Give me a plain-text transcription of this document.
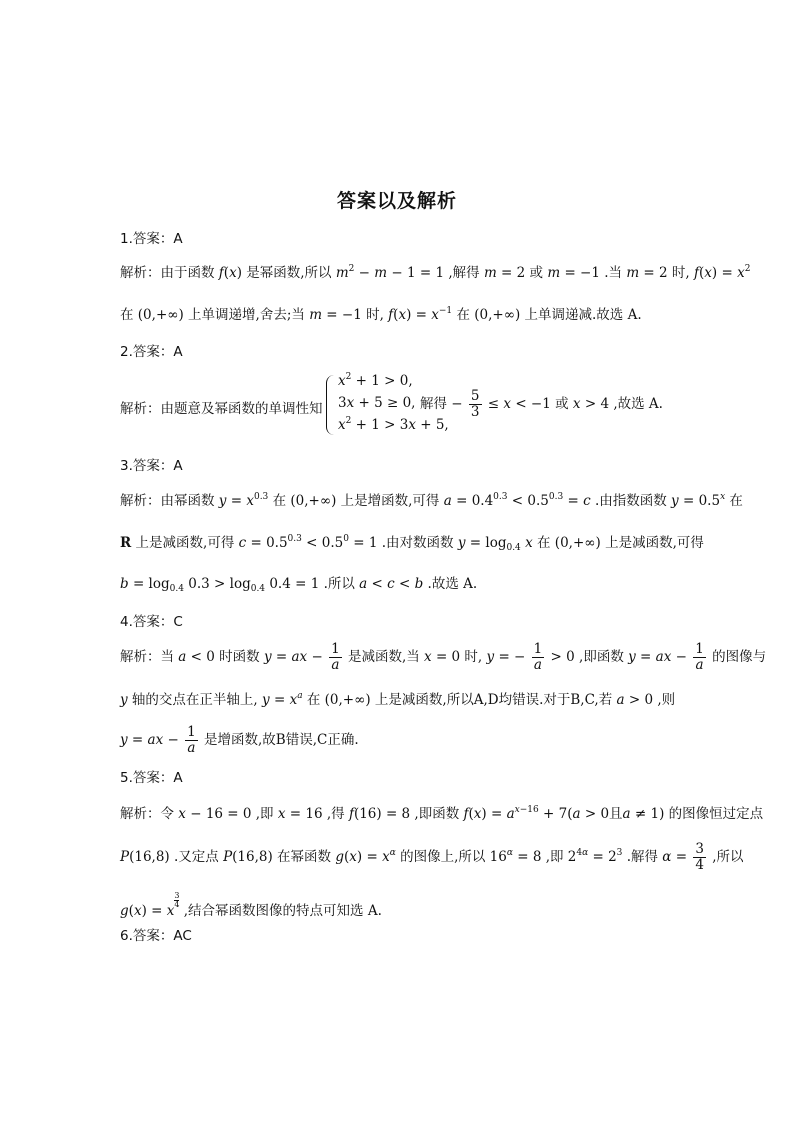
答案以及解析
1.答案：A
解析：由于函数 f(x) 是幂函数,所以 $m^2 - m - 1 = 1$ ,解得 m = 2 或 m = −1 .当 m = 2 时, $f(x) = x^2$
在 (0,+∞) 上单调递增,舍去;当 m = −1 时, $f(x) = x^{-1}$ 在 (0,+∞) 上单调递减.故选 A.
2.答案：A
解析：由题意及幂函数的单调性知
$x^2 + 1 > 0$,
3x + 5 ≥ 0,
$x^2 + 1 > 3x + 5$,
解得 − $\frac{5}{3} \le x < -1$ 或 x > 4 ,故选 A.
3.答案：A
解析：由幂函数 $y = x^{0.3}$ 在 (0,+∞) 上是增函数,可得 $a = 0.4^{0.3} < 0.5^{0.3} = c$ .由指数函数 $y = 0.5^x$ 在
R 上是减函数,可得 $c = 0.5^{0.3} < 0.5^0 = 1$ .由对数函数 $y = \log_{0.4} x$ 在 (0,+∞) 上是减函数,可得
$b = \log_{0.4} 0.3 > \log_{0.4} 0.4 = 1$ .所以 a < c < b .故选 A.
4.答案：C
解析：当 a < 0 时函数 y = ax − $\frac{1}{a}$ 是减函数,当 x = 0 时, y = − $\frac{1}{a} > 0$ ,即函数 y = ax − $\frac{1}{a}$ 的图像与
y 轴的交点在正半轴上, $y = x^a$ 在 (0,+∞) 上是减函数,所以A,D均错误.对于B,C,若 a > 0 ,则
y = ax − $\frac{1}{a}$ 是增函数,故B错误,C正确.
5.答案：A
解析：令 x − 16 = 0 ,即 x = 16 ,得 f(16) = 8 ,即函数 $f(x) = a^{x-16} + 7(a > 0$且a ≠ 1) 的图像恒过定点
P(16,8) .又定点 P(16,8) 在幂函数 $g(x) = x^\alpha$ 的图像上,所以 $16^\alpha = 8$ ,即 $2^{4\alpha} = 2^3$ .解得 $\alpha = \frac{3}{4}$ ,所以
g(x) = x
$\frac{3}{4}$
,结合幂函数图像的特点可知选 A.
6.答案：AC
